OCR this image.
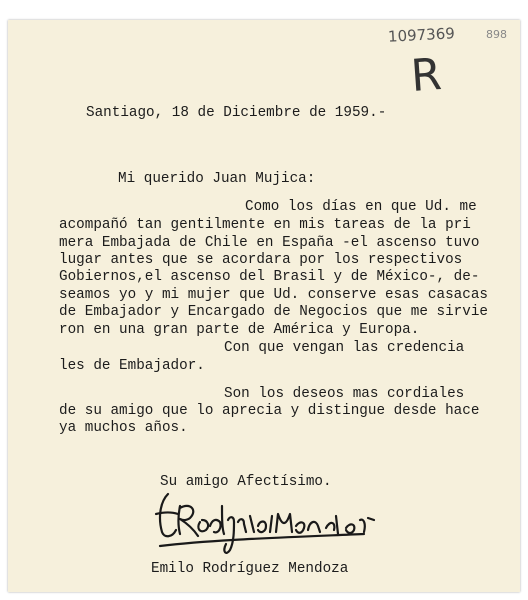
1097369	898
R
Santiago, 18 de Diciembre de 1959.-
Mi querido Juan Mujica:
Como los días en que Ud. me
acompañó tan gentilmente en mis tareas de la pri
mera Embajada de Chile en España -el ascenso tuvo
lugar antes que se acordara por los respectivos
Gobiernos,el ascenso del Brasil y de México-, de-
seamos yo y mi mujer que Ud. conserve esas casacas
de Embajador y Encargado de Negocios que me sirvie
ron en una gran parte de América y Europa.
Con que vengan las credencia
les de Embajador.
Son los deseos mas cordiales
de su amigo que lo aprecia y distingue desde hace
ya muchos años.
Su amigo Afectísimo.
Emilo Rodríguez Mendoza
